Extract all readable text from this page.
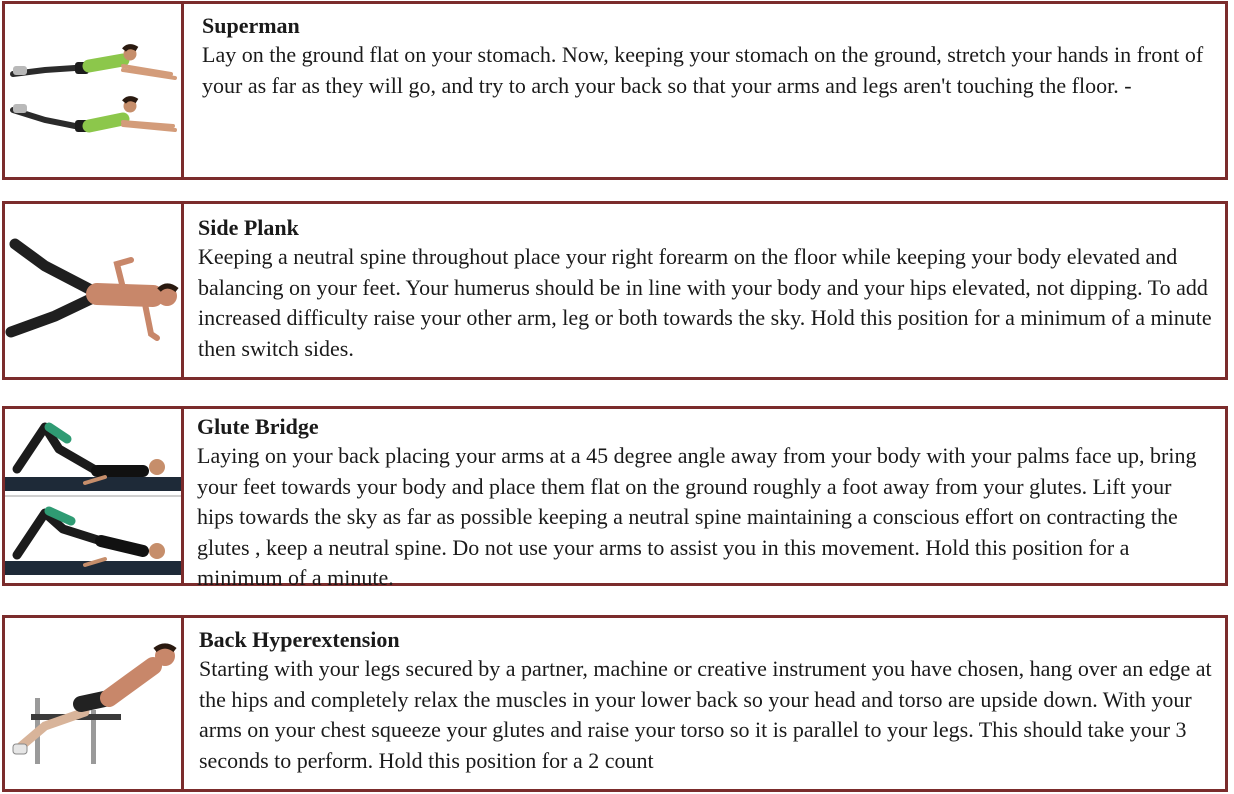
Superman

Lay on the ground flat on your stomach. Now, keeping your stomach on the ground, stretch your hands in front of your as far as they will go, and try to arch your back so that your arms and legs aren't touching the floor. -

Side Plank

Keeping a neutral spine throughout place your right forearm on the floor while keeping your body elevated and balancing on your feet. Your humerus should be in line with your body and your hips elevated, not dipping. To add increased difficulty raise your other arm, leg or both towards the sky. Hold this position for a minimum of a minute then switch sides.

Glute Bridge

Laying on your back placing your arms at a 45 degree angle away from your body with your palms face up, bring your feet towards your body and place them flat on the ground roughly a foot away from your glutes. Lift your hips towards the sky as far as possible keeping a neutral spine maintaining a conscious effort on contracting the glutes , keep a neutral spine. Do not use your arms to assist you in this movement. Hold this position for a minimum of a minute.

Back Hyperextension

Starting with your legs secured by a partner, machine or creative instrument you have chosen, hang over an edge at the hips and completely relax the muscles in your lower back so your head and torso are upside down. With your arms on your chest squeeze your glutes and raise your torso so it is parallel to your legs. This should take your 3 seconds to perform. Hold this position for a 2 count
